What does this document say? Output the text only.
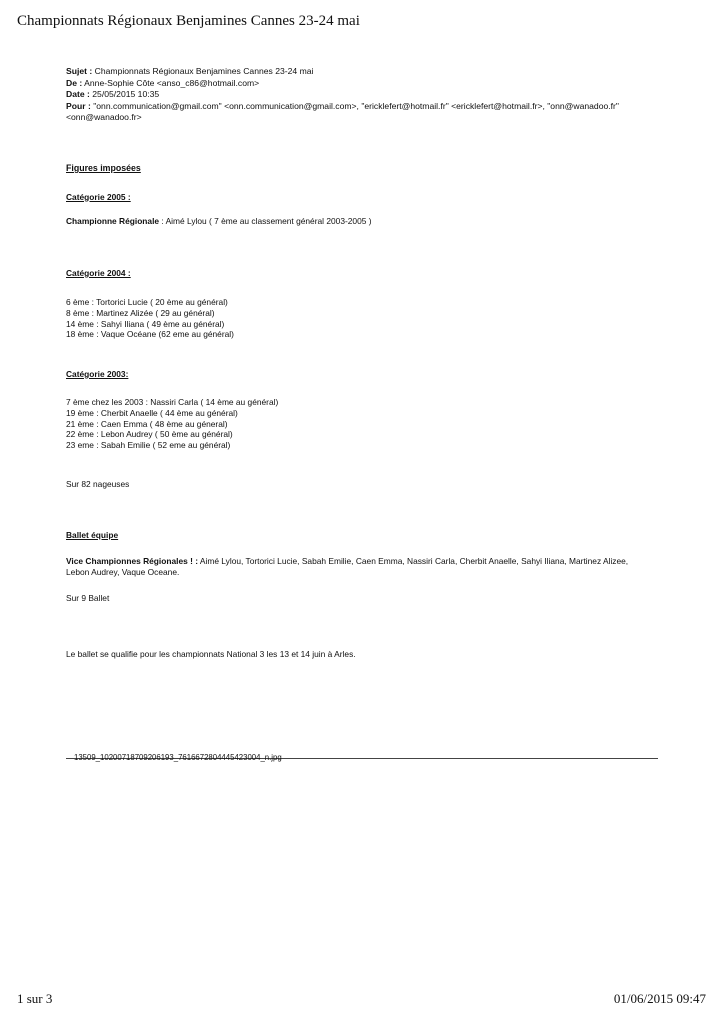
Championnats Régionaux Benjamines Cannes 23-24 mai
Sujet : Championnats Régionaux Benjamines Cannes 23-24 mai
De : Anne-Sophie Côte <anso_c86@hotmail.com>
Date : 25/05/2015 10:35
Pour : "onn.communication@gmail.com" <onn.communication@gmail.com>, "ericklefert@hotmail.fr" <ericklefert@hotmail.fr>, "onn@wanadoo.fr"
<onn@wanadoo.fr>
Figures imposées
Catégorie 2005 :
Championne Régionale : Aimé Lylou ( 7 ème au classement général 2003-2005 )
Catégorie 2004 :
6 ème : Tortorici Lucie ( 20 ème au général)
8 ème : Martinez Alizée ( 29 au général)
14 ème : Sahyi Iliana ( 49 ème au général)
18 ème : Vaque Océane (62 eme au général)
Catégorie 2003:
7 ème chez les 2003 : Nassiri Carla ( 14 ème au général)
19 ème : Cherbit Anaelle ( 44 ème au général)
21 ème : Caen Emma ( 48 ème au géneral)
22 ème : Lebon Audrey ( 50 ème au général)
23 eme : Sabah Emilie ( 52 eme au général)
Sur 82 nageuses
Ballet équipe
Vice Championnes Régionales ! : Aimé Lylou, Tortorici Lucie, Sabah Emilie, Caen Emma, Nassiri Carla, Cherbit Anaelle, Sahyi Iliana, Martinez Alizee,
Lebon Audrey, Vaque Oceane.
Sur 9 Ballet
Le ballet se qualifie pour les championnats National 3 les 13 et 14 juin à Arles.
13509_10200718709206193_7616672804445423004_n.jpg
1 sur 3	01/06/2015 09:47
